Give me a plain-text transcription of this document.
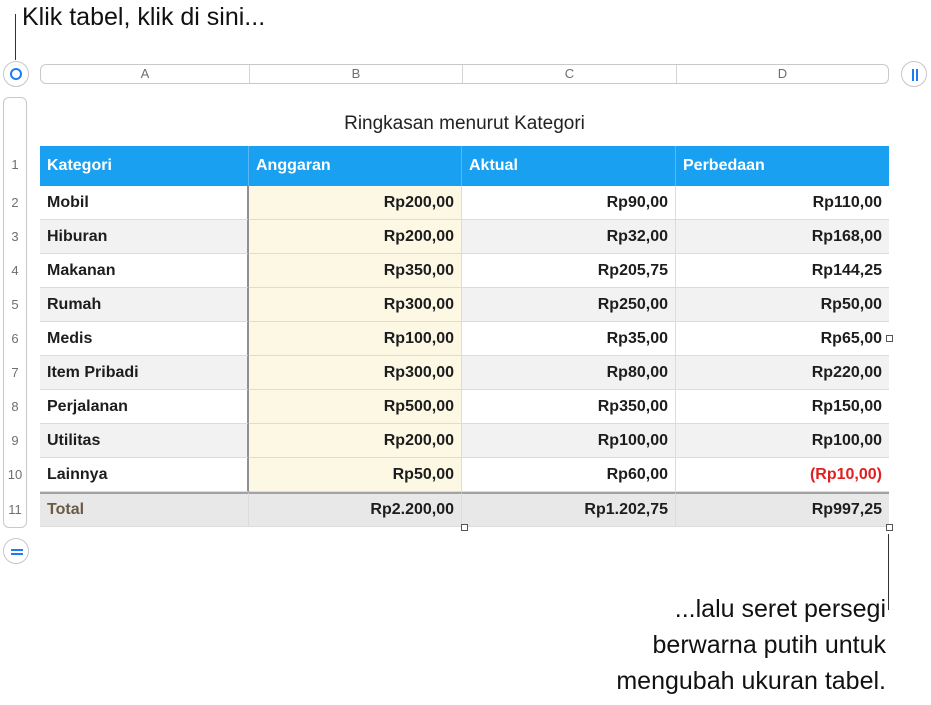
Klik tabel, klik di sini...
A	B	C	D
1
2
3
4
5
6
7
8
9
10
11
Ringkasan menurut Kategori
Kategori	Anggaran	Aktual	Perbedaan
Mobil	Rp200,00	Rp90,00	Rp110,00
Hiburan	Rp200,00	Rp32,00	Rp168,00
Makanan	Rp350,00	Rp205,75	Rp144,25
Rumah	Rp300,00	Rp250,00	Rp50,00
Medis	Rp100,00	Rp35,00	Rp65,00
Item Pribadi	Rp300,00	Rp80,00	Rp220,00
Perjalanan	Rp500,00	Rp350,00	Rp150,00
Utilitas	Rp200,00	Rp100,00	Rp100,00
Lainnya	Rp50,00	Rp60,00	(Rp10,00)
Total	Rp2.200,00	Rp1.202,75	Rp997,25
...lalu seret persegi
berwarna putih untuk
mengubah ukuran tabel.
